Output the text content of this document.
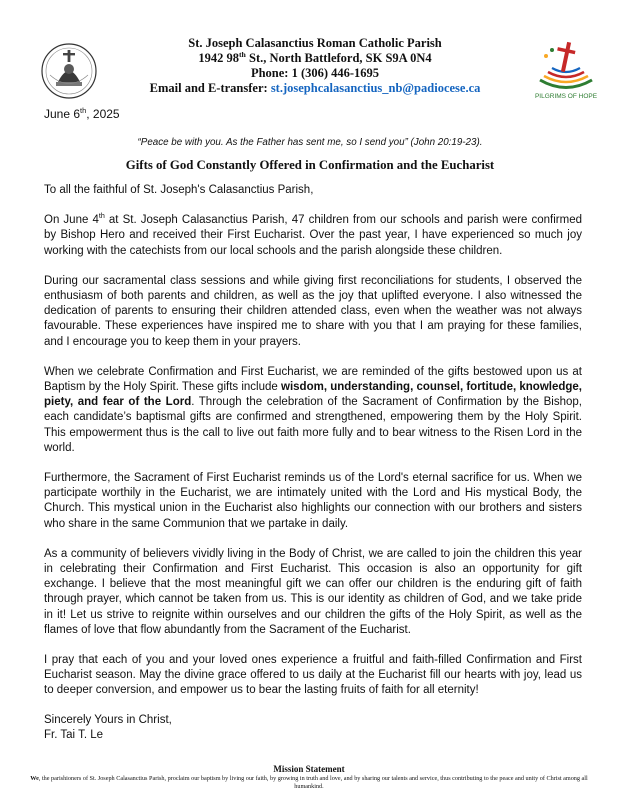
St. Joseph Calasanctius Roman Catholic Parish
1942 98th St., North Battleford, SK S9A 0N4
Phone: 1 (306) 446-1695
Email and E-transfer: st.josephcalasanctius_nb@padiocese.ca
PILGRIMS OF HOPE
June 6th, 2025
“Peace be with you. As the Father has sent me, so I send you” (John 20:19-23).
Gifts of God Constantly Offered in Confirmation and the Eucharist

To all the faithful of St. Joseph's Calasanctius Parish,

On June 4th at St. Joseph Calasanctius Parish, 47 children from our schools and parish were confirmed by Bishop Hero and received their First Eucharist. Over the past year, I have experienced so much joy working with the catechists from our local schools and the parish alongside these children.

During our sacramental class sessions and while giving first reconciliations for students, I observed the enthusiasm of both parents and children, as well as the joy that uplifted everyone. I also witnessed the dedication of parents to ensuring their children attended class, even when the weather was not always favourable. These experiences have inspired me to share with you that I am praying for these families, and I encourage you to keep them in your prayers.

When we celebrate Confirmation and First Eucharist, we are reminded of the gifts bestowed upon us at Baptism by the Holy Spirit. These gifts include wisdom, understanding, counsel, fortitude, knowledge, piety, and fear of the Lord. Through the celebration of the Sacrament of Confirmation by the Bishop, each candidate’s baptismal gifts are confirmed and strengthened, empowering them by the Holy Spirit. This empowerment thus is the call to live out faith more fully and to bear witness to the Risen Lord in the world.

Furthermore, the Sacrament of First Eucharist reminds us of the Lord's eternal sacrifice for us. When we participate worthily in the Eucharist, we are intimately united with the Lord and His mystical Body, the Church. This mystical union in the Eucharist also highlights our connection with our brothers and sisters who share in the same Communion that we partake in daily.

As a community of believers vividly living in the Body of Christ, we are called to join the children this year in celebrating their Confirmation and First Eucharist. This occasion is also an opportunity for gift exchange. I believe that the most meaningful gift we can offer our children is the enduring gift of faith through prayer, which cannot be taken from us. This is our identity as children of God, and we take pride in it! Let us strive to reignite within ourselves and our children the gifts of the Holy Spirit, as well as the flames of love that flow abundantly from the Sacrament of the Eucharist.

I pray that each of you and your loved ones experience a fruitful and faith-filled Confirmation and First Eucharist season. May the divine grace offered to us daily at the Eucharist fill our hearts with joy, lead us to deeper conversion, and empower us to bear the lasting fruits of faith for all eternity!

Sincerely Yours in Christ,
Fr. Tai T. Le
Mission Statement
We, the parishioners of St. Joseph Calasanctius Parish, proclaim our baptism by living our faith, by growing in truth and love, and by sharing our talents and service, thus contributing to the peace and unity of Christ among all humankind.
